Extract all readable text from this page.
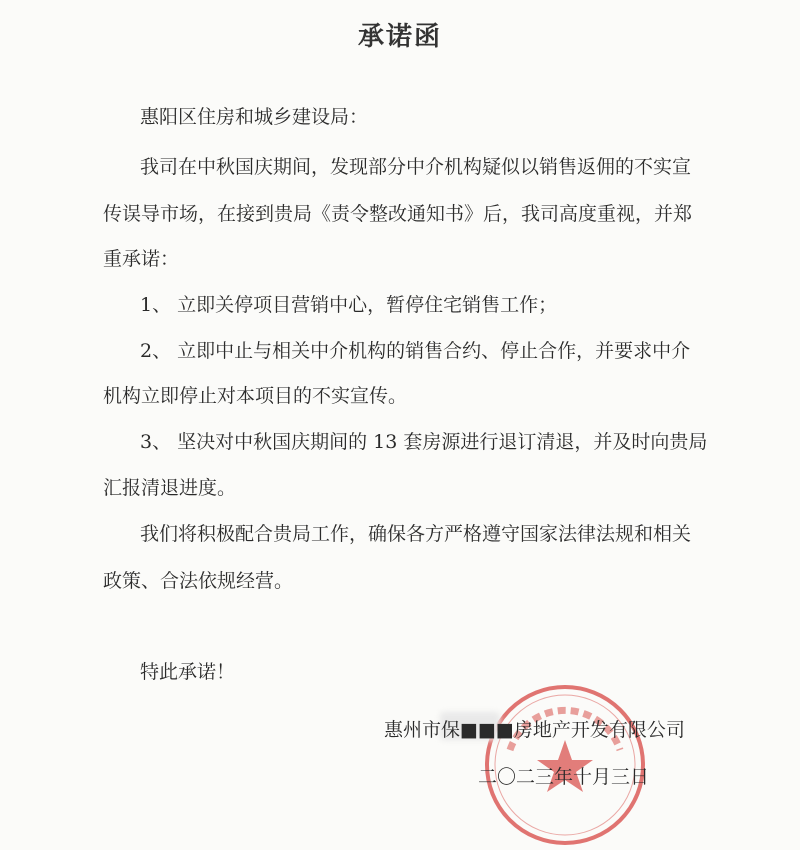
承诺函
惠阳区住房和城乡建设局：
我司在中秋国庆期间，发现部分中介机构疑似以销售返佣的不实宣
传误导市场，在接到贵局《责令整改通知书》后，我司高度重视，并郑
重承诺：
1、 立即关停项目营销中心，暂停住宅销售工作；
2、 立即中止与相关中介机构的销售合约、停止合作，并要求中介
机构立即停止对本项目的不实宣传。
3、 坚决对中秋国庆期间的 13 套房源进行退订清退，并及时向贵局
汇报清退进度。
我们将积极配合贵局工作，确保各方严格遵守国家法律法规和相关
政策、合法依规经营。
特此承诺！
惠州市保■■■房地产开发有限公司
二〇二三年十月三日
